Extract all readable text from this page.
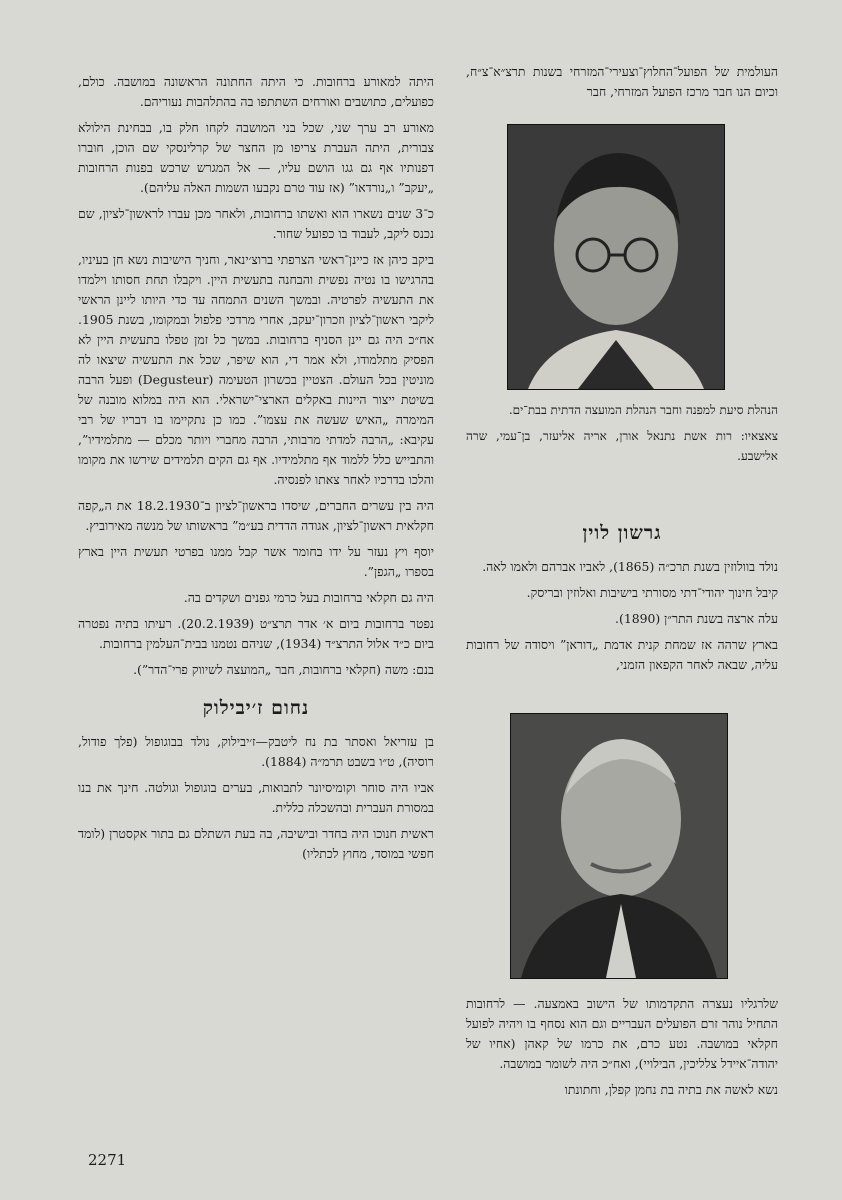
היתה למאורע ברחובות. כי היתה החתונה הראשונה במושבה. כולם, כפועלים, כתושבים ואורחים השתתפו בה בהתלהבות נעוריהם.

מאורע רב ערך שני, שכל בני המושבה לקחו חלק בו, בבחינת הילולא צבורית, היתה העברת צריפו מן החצר של קרלינסקי שם הוכן, חוברו דפנותיו אף גם גגו הושם עליו, — אל המגרש שרכש בפנות הרחובות „יעקב” ו„נורדאו” (אז עוד טרם נקבעו השמות האלה עליהם).

כ־3 שנים נשארו הוא ואשתו ברחובות, ולאחר מכן עברו לראשון־לציון, שם נכנס ליקב, לעבוד בו כפועל שחור.

ביקב כיהן אז כיינן־ראשי הצרפתי ברוצ׳ינאר, וחניך הישיבות נשא חן בעיניו, בהרגישו בו נטיה נפשית והבחנה בתעשית היין. ויקבלו תחת חסותו וילמדו את התעשיה לפרטיה. ובמשך השנים התמחה עד כדי היותו ליינן הראשי ליקבי ראשון־לציון וזכרון־יעקב, אחרי מרדכי פלפול ובמקומו, בשנת 1905. אח״כ היה גם יינן הסניף ברחובות. במשך כל זמן טפלו בתעשית היין לא הפסיק מתלמודו, ולא אמר די, הוא שיפר, שכל את התעשיה שיצאו לה מוניטין בכל העולם. הצטיין בכשרון הטעימה (Degusteur) ופעל הרבה בשיטת ייצור היינות באקלים הארצי־ישראלי. הוא היה במלוא מובנה של המימרה „האיש שעשה את עצמו”. כמו כן נתקיימו בו דבריו של רבי עקיבא: „הרבה למדתי מרבותי, הרבה מחברי ויותר מכלם — מתלמידיו”, והתבייש כלל ללמוד אף מתלמידיו. אף גם הקים תלמידים שירשו את מקומו והלכו בדרכיו לאחר צאתו לפנסיה.

היה בין עשרים החברים, שיסדו בראשון־לציון ב־18.2.1930 את ה„קפה חקלאית ראשון־לציון, אגודה הדדית בע״מ” בראשותו של מנשה מאירוביץ.

יוסף ויץ נעזר על ידו בחומר אשר קבל ממנו בפרטי תעשית היין בארץ בספרו „הגפן”.

היה גם חקלאי ברחובות בעל כרמי גפנים ושקדים בה.

נפטר ברחובות ביום א׳ אדר תרצ״ט (20.2.1939). רעיתו בתיה נפטרה ביום כ״ד אלול התרצ״ד (1934), שניהם נטמנו בבית־העלמין ברחובות.

בנם: משה (חקלאי ברחובות, חבר „המועצה לשיווק פרי־הדר”).

נחום ז׳יבילוק

בן עזריאל ואסתר בת נח ליטבק—ז׳יבילוק, נולד בבוגופול (פלך פודול, רוסיה), ט״ו בשבט תרמ״ה (1884).

אביו היה סוחר וקומיסיונר לתבואות, בערים בוגופול וגולטה. חינך את בנו במסורת העברית ובהשכלה כללית.

ראשית חנוכו היה בחדר ובישיבה, בה בעת השתלם גם בתור אקסטרן (לומד חפשי במוסד, מחוץ לכתליו)

העולמית של הפועל־החלוץ־וצעירי־המזרחי בשנות תרצ״א־צ״ח, וכיום הנו חבר מרכז הפועל המזרחי, חבר

הנהלת סיעת למפנה וחבר הנהלת המועצה הדתית בבת־ים.

צאצאיו: רות אשת נתנאל אורן, אריה אליעזר, בן־עמי, שרה אלישבע.

גרשון לוין

נולד בוולוזין בשנת תרכ״ה (1865), לאביו אברהם ולאמו לאה.

קיבל חינוך יהודי־דתי מסורתי בישיבות ואלוזין ובריסק.

עלה ארצה בשנת התר״ן (1890).

בארץ שרהה אז שמחת קנית אדמת „דוראן” ויסודה של רחובות עליה, שבאה לאחר הקפאון הזמני,

שלרגליו נעצרה התקדמותו של הישוב באמצעה. — לרחובות התחיל נוהר זרם הפועלים העבריים וגם הוא נסחף בו ויהיה לפועל חקלאי במושבה. נטע כרם, את כרמו של קאהן (אחיו של יהודה־איידל צלליכין, הבילויי), ואח״כ היה לשומר במושבה.

נשא לאשה את בתיה בת נחמן קפלן, וחתונתו

2271
